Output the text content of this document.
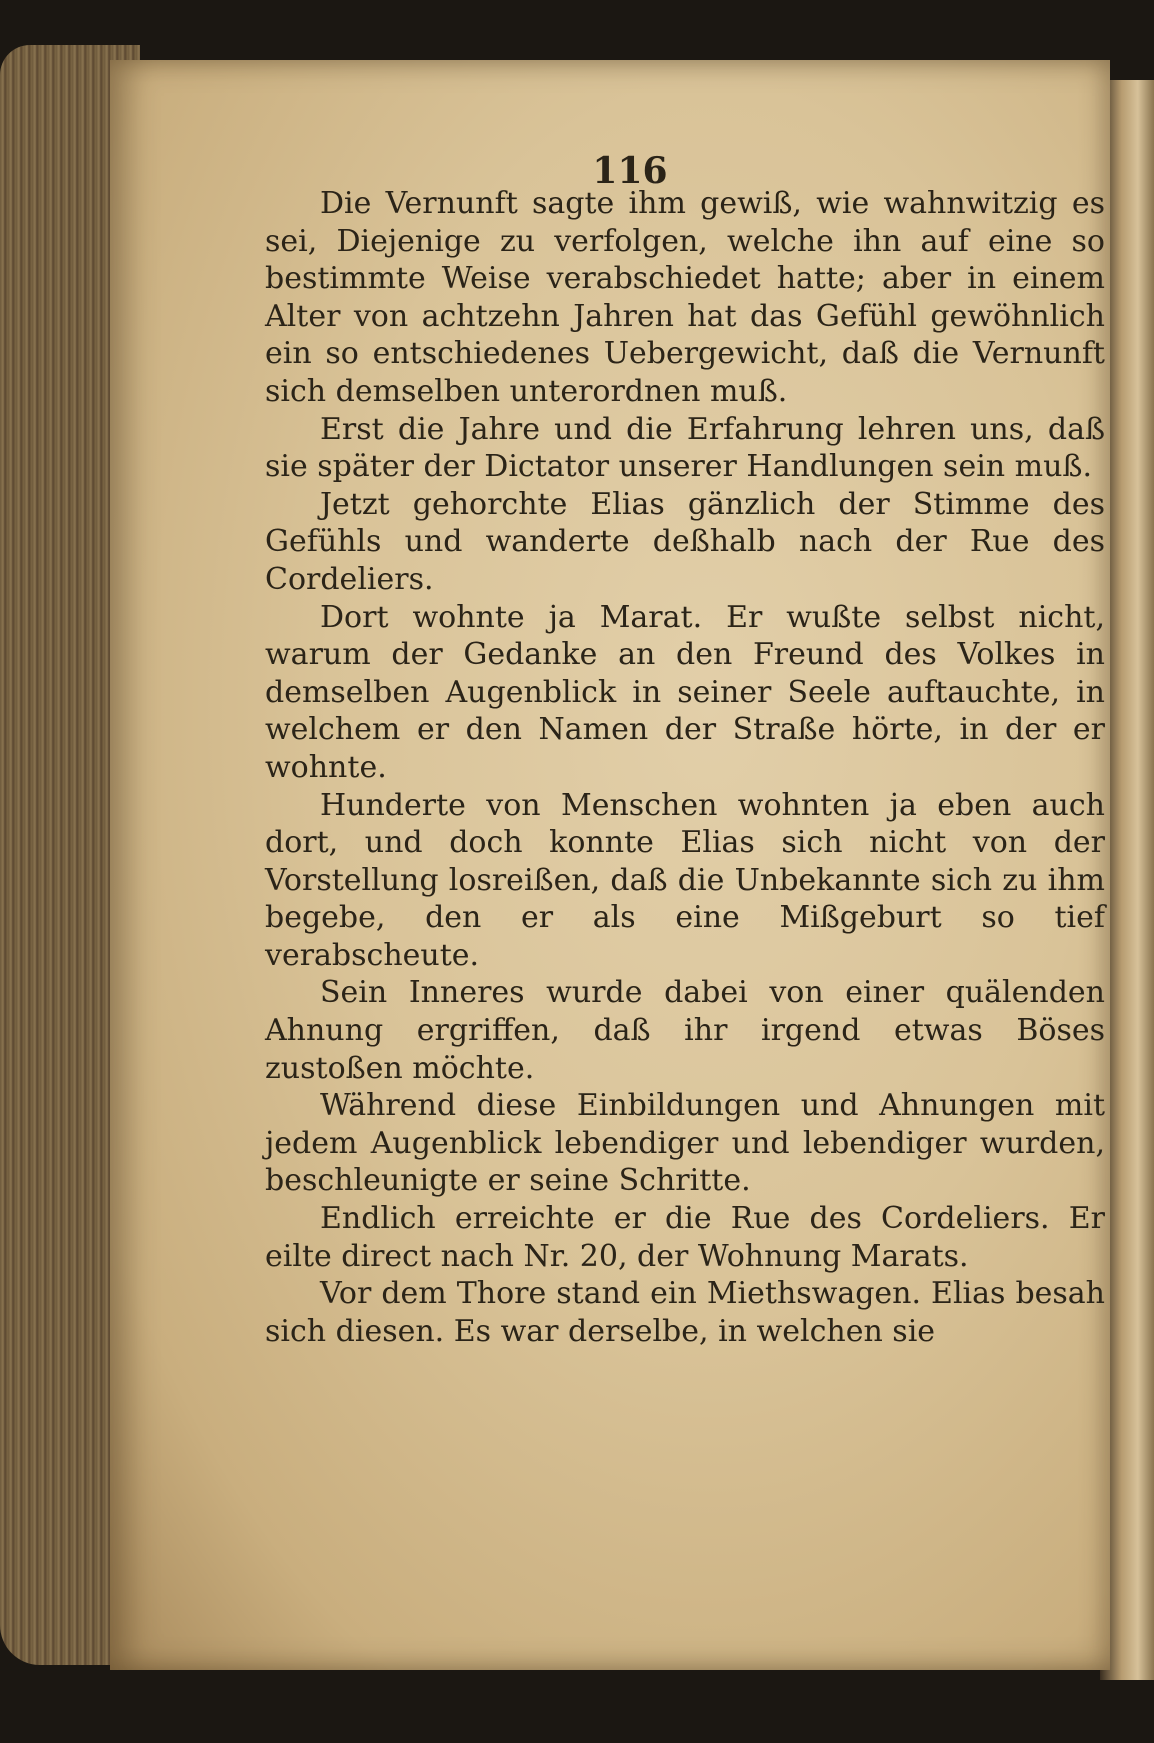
116

Die Vernunft sagte ihm gewiß, wie wahnwitzig es sei, Diejenige zu verfolgen, welche ihn auf eine so bestimmte Weise verabschiedet hatte; aber in einem Alter von achtzehn Jahren hat das Gefühl gewöhnlich ein so entschiedenes Uebergewicht, daß die Vernunft sich demselben unterordnen muß.

Erst die Jahre und die Erfahrung lehren uns, daß sie später der Dictator unserer Handlungen sein muß.

Jetzt gehorchte Elias gänzlich der Stimme des Gefühls und wanderte deßhalb nach der Rue des Cordeliers.

Dort wohnte ja Marat. Er wußte selbst nicht, warum der Gedanke an den Freund des Volkes in demselben Augenblick in seiner Seele auftauchte, in welchem er den Namen der Straße hörte, in der er wohnte.

Hunderte von Menschen wohnten ja eben auch dort, und doch konnte Elias sich nicht von der Vorstellung losreißen, daß die Unbekannte sich zu ihm begebe, den er als eine Mißgeburt so tief verabscheute.

Sein Inneres wurde dabei von einer quälenden Ahnung ergriffen, daß ihr irgend etwas Böses zustoßen möchte.

Während diese Einbildungen und Ahnungen mit jedem Augenblick lebendiger und lebendiger wurden, beschleunigte er seine Schritte.

Endlich erreichte er die Rue des Cordeliers. Er eilte direct nach Nr. 20, der Wohnung Marats.

Vor dem Thore stand ein Miethswagen. Elias besah sich diesen. Es war derselbe, in welchen sie
